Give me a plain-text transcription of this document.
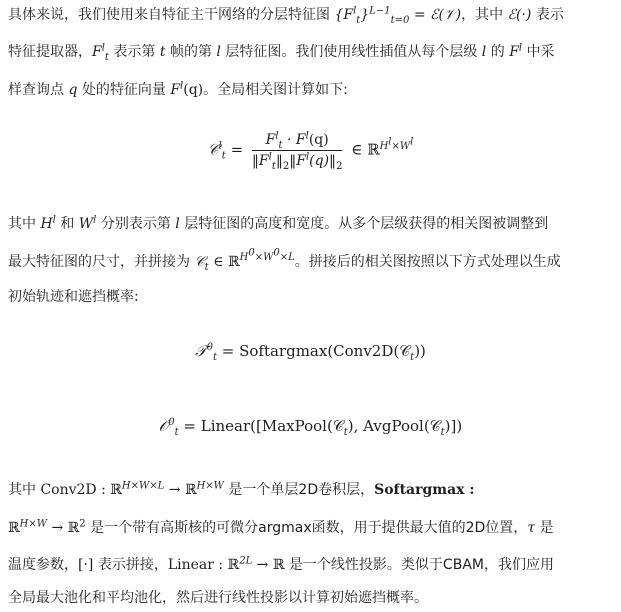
具体来说，我们使用来自特征主干网络的分层特征图 $\{F^l_t\}^{L-1}_{t=0}$ = ℰ(𝒱)，其中 ℰ(·) 表示
特征提取器，$F^l_t$ 表示第 t 帧的第 l 层特征图。我们使用线性插值从每个层级 l 的 $F^l$ 中采
样查询点 q 处的特征向量 $F^l(q)$。全局相关图计算如下:
𝒞$^l_t$ = $\frac{F^l_t \cdot F^l(q)}{‖F^l_t‖_2‖F^l(q)‖_2}$ ∈ ℝ$^{H^l\times W^l}$
其中 $H^l$ 和 $W^l$ 分别表示第 l 层特征图的高度和宽度。从多个层级获得的相关图被调整到
最大特征图的尺寸，并拼接为 𝒞$_t$ ∈ ℝ$^{H^0\times W^0\times L}$。拼接后的相关图按照以下方式处理以生成
初始轨迹和遮挡概率:
𝒯$^0_t$ = Softargmax(Conv2D(𝒞$_t$))
𝒪$^0_t$ = Linear([MaxPool(𝒞$_t$), AvgPool(𝒞$_t$)])
其中 Conv2D : ℝ$^{H\times W\times L}$ → ℝ$^{H\times W}$ 是一个单层2D卷积层，Softargmax :
ℝ$^{H\times W}$ → ℝ$^2$ 是一个带有高斯核的可微分argmax函数，用于提供最大值的2D位置，τ 是
温度参数，[·] 表示拼接，Linear : ℝ$^{2L}$ → ℝ 是一个线性投影。类似于CBAM，我们应用
全局最大池化和平均池化，然后进行线性投影以计算初始遮挡概率。
